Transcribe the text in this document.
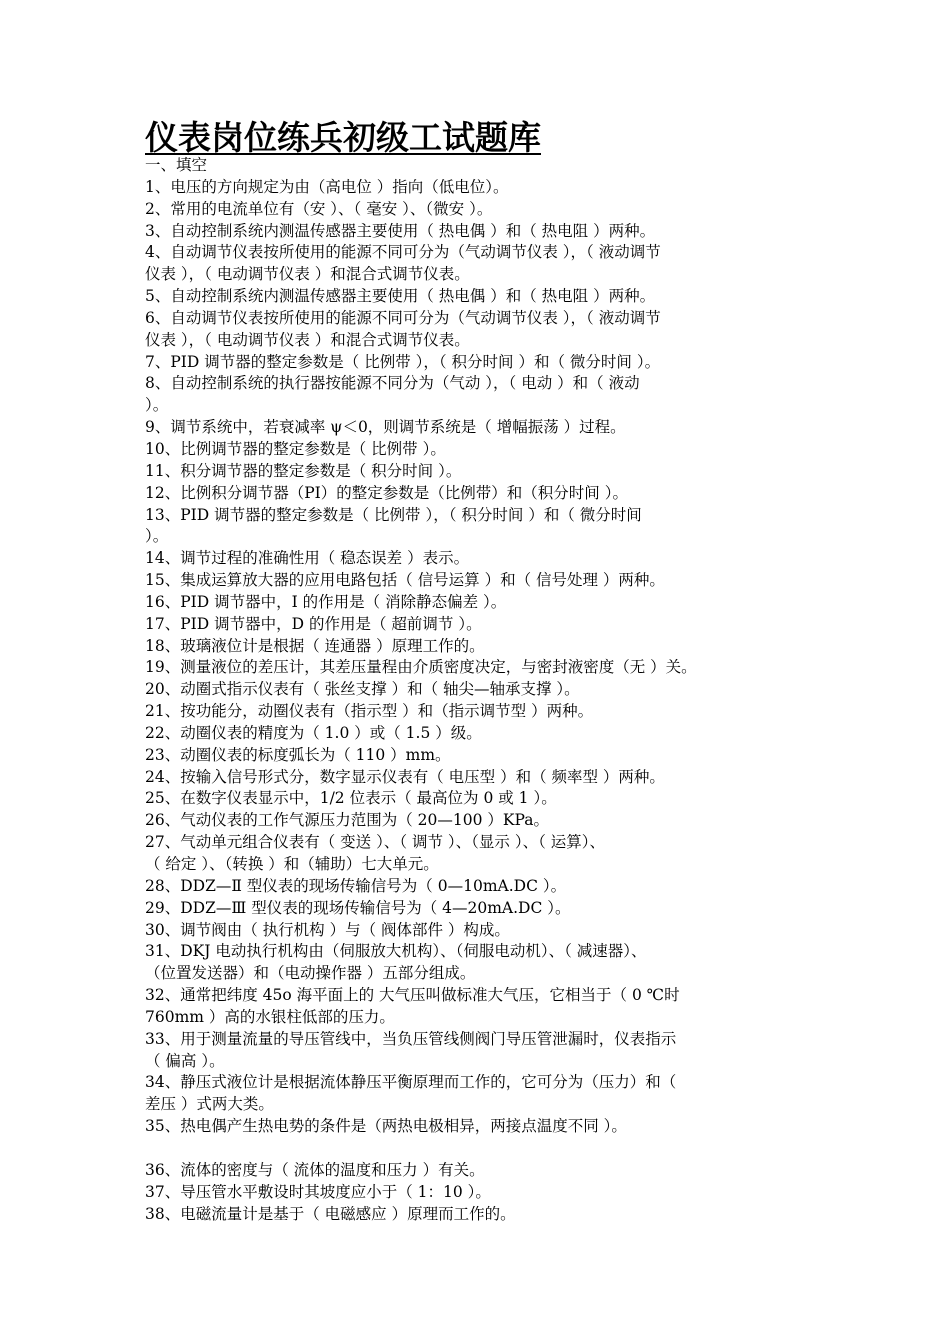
仪表岗位练兵初级工试题库
一、填空
1、电压的方向规定为由（高电位 ）指向（低电位）。
2、常用的电流单位有（安 ）、（ 毫安 ）、（微安 ）。
3、自动控制系统内测温传感器主要使用（ 热电偶 ）和（ 热电阻 ）两种。
4、自动调节仪表按所使用的能源不同可分为（气动调节仪表 ），（ 液动调节
仪表 ），（ 电动调节仪表 ）和混合式调节仪表。
5、自动控制系统内测温传感器主要使用（ 热电偶 ）和（ 热电阻 ）两种。
6、自动调节仪表按所使用的能源不同可分为（气动调节仪表 ），（ 液动调节
仪表 ），（ 电动调节仪表 ）和混合式调节仪表。
7、PID 调节器的整定参数是（ 比例带 ），（ 积分时间 ）和（ 微分时间 ）。
8、自动控制系统的执行器按能源不同分为（气动 ），（ 电动 ）和（ 液动
）。
9、调节系统中，若衰减率 ψ＜0，则调节系统是（ 增幅振荡 ）过程。
10、比例调节器的整定参数是（ 比例带 ）。
11、积分调节器的整定参数是（ 积分时间 ）。
12、比例积分调节器（PI）的整定参数是（比例带）和（积分时间 ）。
13、PID 调节器的整定参数是（ 比例带 ），（ 积分时间 ）和（ 微分时间
）。
14、调节过程的准确性用（ 稳态误差 ）表示。
15、集成运算放大器的应用电路包括（ 信号运算 ）和（ 信号处理 ）两种。
16、PID 调节器中，I 的作用是（ 消除静态偏差 ）。
17、PID 调节器中，D 的作用是（ 超前调节 ）。
18、玻璃液位计是根据（ 连通器 ）原理工作的。
19、测量液位的差压计，其差压量程由介质密度决定，与密封液密度（无 ）关。
20、动圈式指示仪表有（ 张丝支撑 ）和（ 轴尖—轴承支撑 ）。
21、按功能分，动圈仪表有（指示型 ）和（指示调节型 ）两种。
22、动圈仪表的精度为（ 1.0 ）或（ 1.5 ）级。
23、动圈仪表的标度弧长为（ 110 ）mm。
24、按输入信号形式分，数字显示仪表有（ 电压型 ）和（ 频率型 ）两种。
25、在数字仪表显示中，1/2 位表示（ 最高位为 0 或 1 ）。
26、气动仪表的工作气源压力范围为（ 20—100 ）KPa。
27、气动单元组合仪表有（ 变送 ）、（ 调节 ）、（显示 ）、（ 运算）、
（ 给定 ）、（转换 ）和（辅助）七大单元。
28、DDZ—Ⅱ 型仪表的现场传输信号为（ 0—10mA.DC ）。
29、DDZ—Ⅲ 型仪表的现场传输信号为（ 4—20mA.DC ）。
30、调节阀由（ 执行机构 ）与（ 阀体部件 ）构成。
31、DKJ 电动执行机构由（伺服放大机构）、（伺服电动机）、（ 减速器）、
（位置发送器）和（电动操作器 ）五部分组成。
32、通常把纬度 45o 海平面上的 大气压叫做标准大气压，它相当于（ 0 ℃时
760mm ）高的水银柱低部的压力。
33、用于测量流量的导压管线中，当负压管线侧阀门导压管泄漏时，仪表指示
（ 偏高 ）。
34、静压式液位计是根据流体静压平衡原理而工作的，它可分为（压力）和（
差压 ）式两大类。
35、热电偶产生热电势的条件是（两热电极相异，两接点温度不同 ）。
36、流体的密度与（ 流体的温度和压力 ）有关。
37、导压管水平敷设时其坡度应小于（ 1：10 ）。
38、电磁流量计是基于（ 电磁感应 ）原理而工作的。
